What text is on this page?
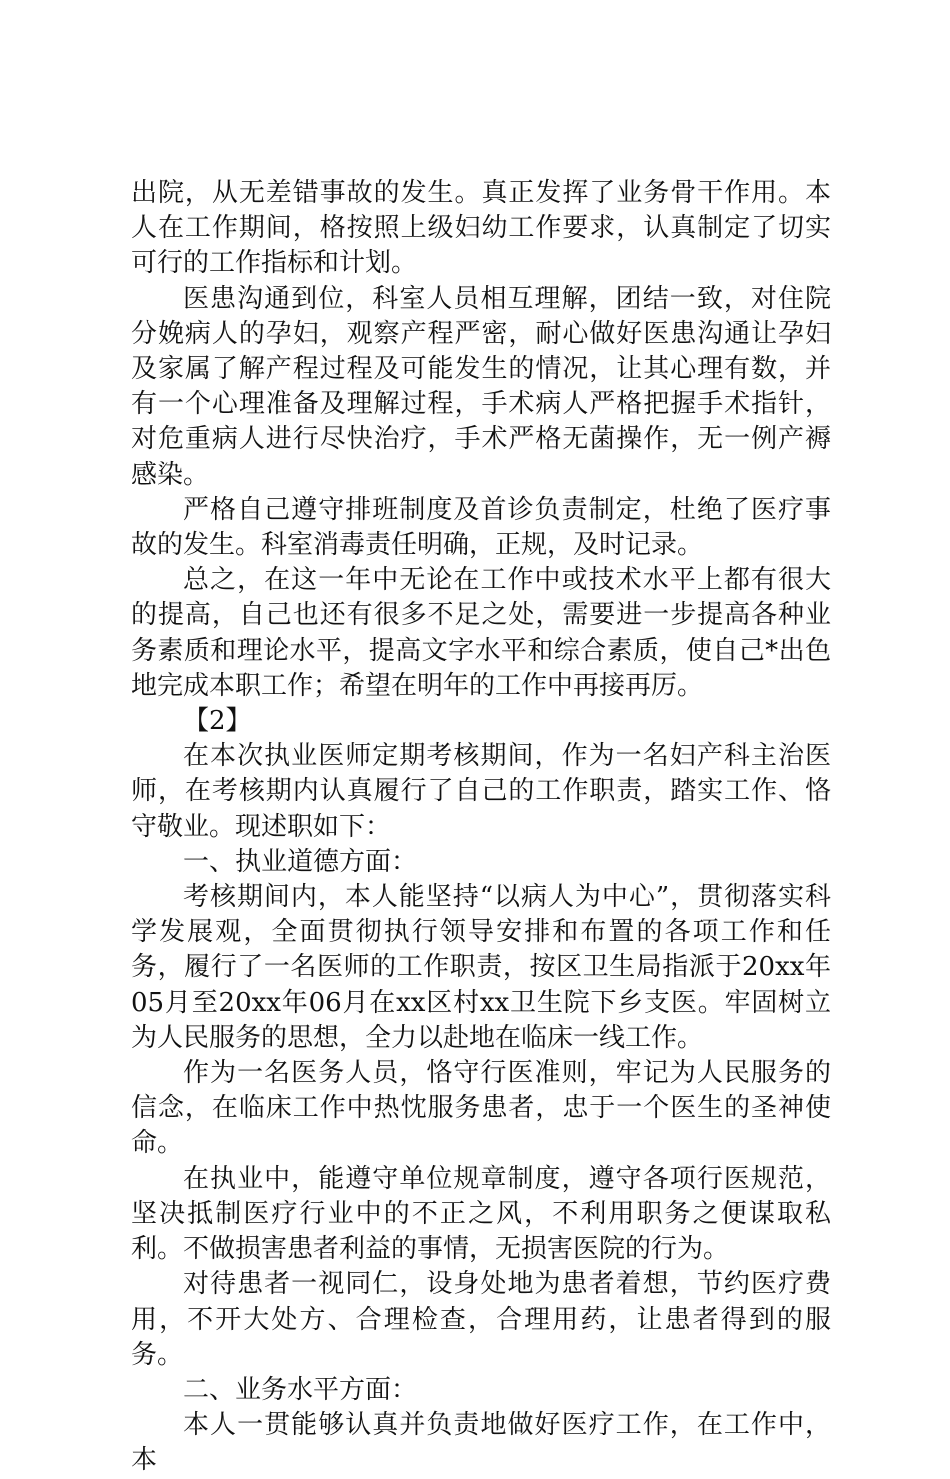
出院，从无差错事故的发生。真正发挥了业务骨干作用。本人在工作期间，格按照上级妇幼工作要求，认真制定了切实可行的工作指标和计划。

医患沟通到位，科室人员相互理解，团结一致，对住院分娩病人的孕妇，观察产程严密，耐心做好医患沟通让孕妇及家属了解产程过程及可能发生的情况，让其心理有数，并有一个心理准备及理解过程，手术病人严格把握手术指针，对危重病人进行尽快治疗，手术严格无菌操作，无一例产褥感染。

严格自己遵守排班制度及首诊负责制定，杜绝了医疗事故的发生。科室消毒责任明确，正规，及时记录。

总之，在这一年中无论在工作中或技术水平上都有很大的提高，自己也还有很多不足之处，需要进一步提高各种业务素质和理论水平，提高文字水平和综合素质，使自己*出色地完成本职工作；希望在明年的工作中再接再厉。

【2】

在本次执业医师定期考核期间，作为一名妇产科主治医师，在考核期内认真履行了自己的工作职责，踏实工作、恪守敬业。现述职如下：

一、执业道德方面：

考核期间内，本人能坚持“以病人为中心”，贯彻落实科学发展观，全面贯彻执行领导安排和布置的各项工作和任务，履行了一名医师的工作职责，按区卫生局指派于20xx年05月至20xx年06月在xx区村xx卫生院下乡支医。牢固树立为人民服务的思想，全力以赴地在临床一线工作。

作为一名医务人员，恪守行医准则，牢记为人民服务的信念，在临床工作中热忱服务患者，忠于一个医生的圣神使命。

在执业中，能遵守单位规章制度，遵守各项行医规范，坚决抵制医疗行业中的不正之风，不利用职务之便谋取私利。不做损害患者利益的事情，无损害医院的行为。

对待患者一视同仁，设身处地为患者着想，节约医疗费用，不开大处方、合理检查，合理用药，让患者得到的服务。

二、业务水平方面：

本人一贯能够认真并负责地做好医疗工作，在工作中，本
